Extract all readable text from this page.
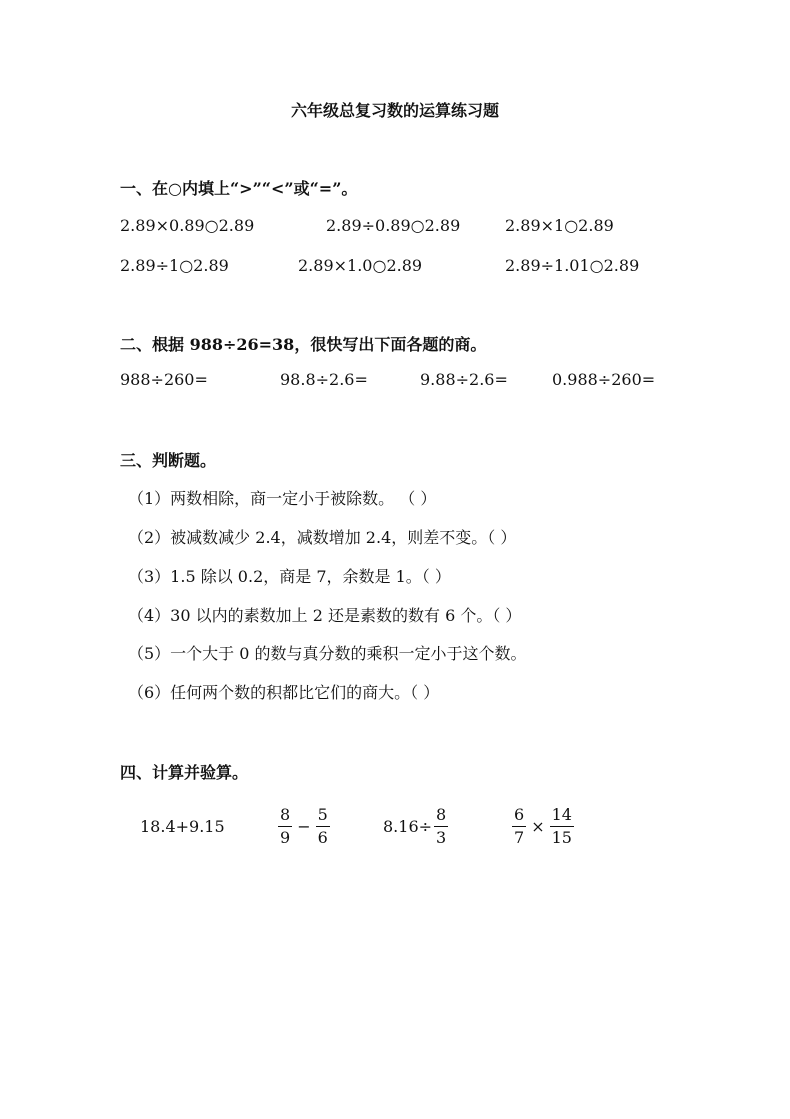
六年级总复习数的运算练习题
一、在○内填上“>”“<”或“=”。
2.89×0.89○2.89	2.89÷0.89○2.89	2.89×1○2.89
2.89÷1○2.89	2.89×1.0○2.89	2.89÷1.01○2.89
二、根据 988÷26=38，很快写出下面各题的商。
988÷260=	98.8÷2.6=	9.88÷2.6=	0.988÷260=
三、判断题。
（1）两数相除，商一定小于被除数。 （ ）
（2）被减数减少 2.4，减数增加 2.4，则差不变。（ ）
（3）1.5 除以 0.2，商是 7，余数是 1。（ ）
（4）30 以内的素数加上 2 还是素数的数有 6 个。（ ）
（5）一个大于 0 的数与真分数的乘积一定小于这个数。
（6）任何两个数的积都比它们的商大。（ ）
四、计算并验算。
18.4+9.15	$\frac{8}{9} - \frac{5}{6}$	$8.16\div \frac{8}{3}$	$\frac{6}{7} \times \frac{14}{15}$
